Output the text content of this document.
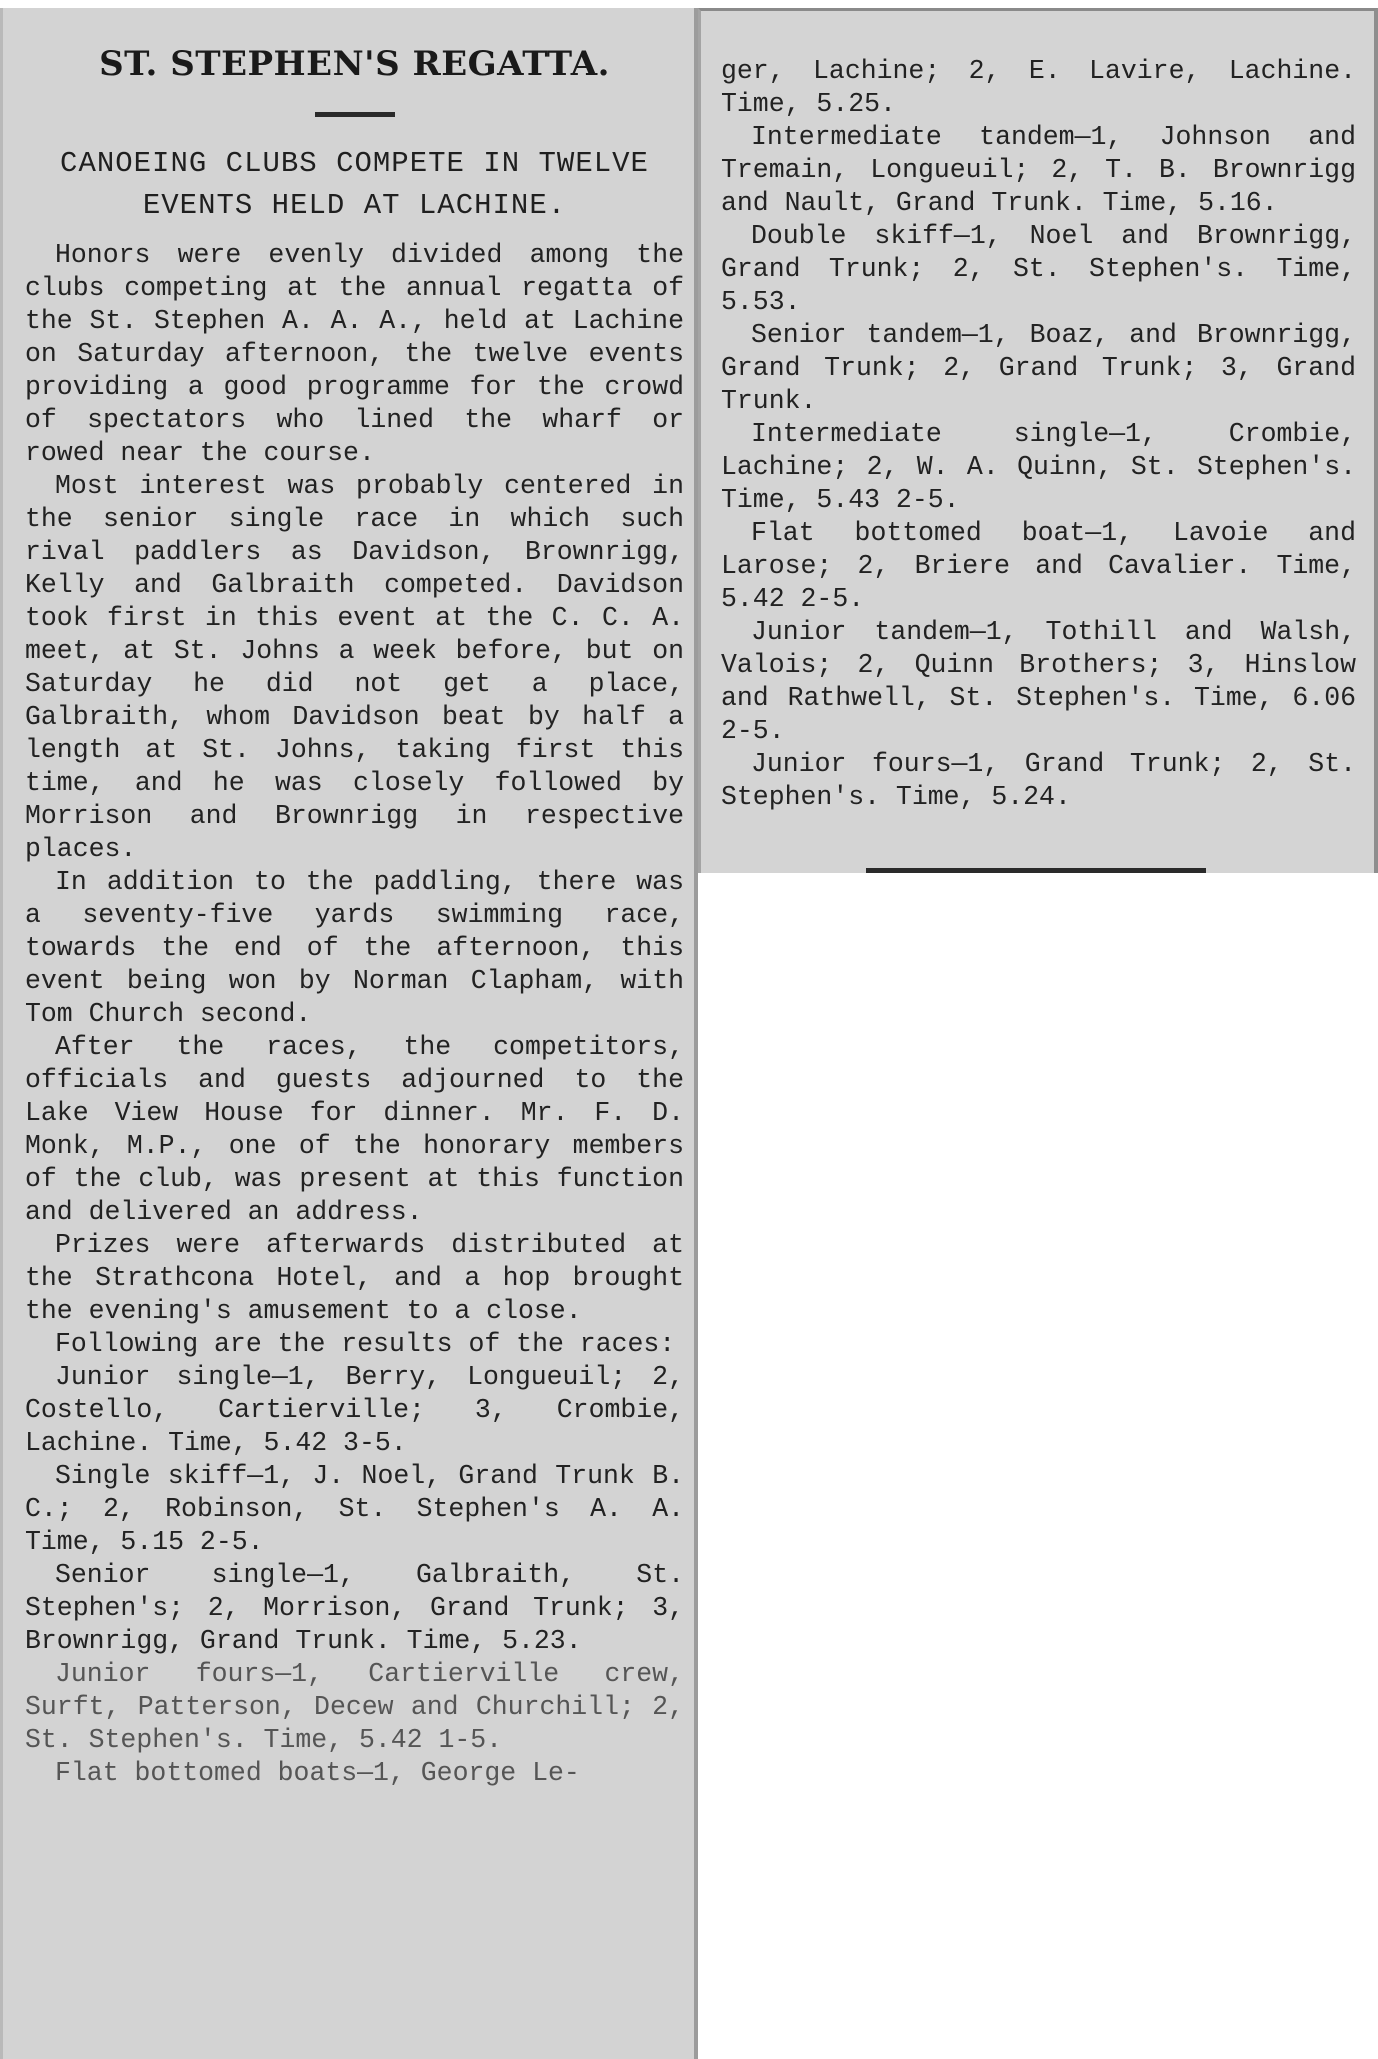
ST. STEPHEN'S REGATTA.
CANOEING CLUBS COMPETE IN TWELVE EVENTS HELD AT LACHINE.

Honors were evenly divided among the clubs competing at the annual regatta of the St. Stephen A. A. A., held at Lachine on Saturday afternoon, the twelve events providing a good programme for the crowd of spectators who lined the wharf or rowed near the course.

Most interest was probably centered in the senior single race in which such rival paddlers as Davidson, Brownrigg, Kelly and Galbraith competed. Davidson took first in this event at the C. C. A. meet, at St. Johns a week before, but on Saturday he did not get a place, Galbraith, whom Davidson beat by half a length at St. Johns, taking first this time, and he was closely followed by Morrison and Brownrigg in respective places.

In addition to the paddling, there was a seventy-five yards swimming race, towards the end of the afternoon, this event being won by Norman Clapham, with Tom Church second.

After the races, the competitors, officials and guests adjourned to the Lake View House for dinner. Mr. F. D. Monk, M.P., one of the honorary members of the club, was present at this function and delivered an address.

Prizes were afterwards distributed at the Strathcona Hotel, and a hop brought the evening's amusement to a close.

Following are the results of the races:

Junior single—1, Berry, Longueuil; 2, Costello, Cartierville; 3, Crombie, Lachine. Time, 5.42 3-5.

Single skiff—1, J. Noel, Grand Trunk B. C.; 2, Robinson, St. Stephen's A. A. Time, 5.15 2-5.

Senior single—1, Galbraith, St. Stephen's; 2, Morrison, Grand Trunk; 3, Brownrigg, Grand Trunk. Time, 5.23.

Junior fours—1, Cartierville crew, Surft, Patterson, Decew and Churchill; 2, St. Stephen's. Time, 5.42 1-5.

Flat bottomed boats—1, George Le-

ger, Lachine; 2, E. Lavire, Lachine. Time, 5.25.

Intermediate tandem—1, Johnson and Tremain, Longueuil; 2, T. B. Brownrigg and Nault, Grand Trunk. Time, 5.16.

Double skiff—1, Noel and Brownrigg, Grand Trunk; 2, St. Stephen's. Time, 5.53.

Senior tandem—1, Boaz, and Brownrigg, Grand Trunk; 2, Grand Trunk; 3, Grand Trunk.

Intermediate single—1, Crombie, Lachine; 2, W. A. Quinn, St. Stephen's. Time, 5.43 2-5.

Flat bottomed boat—1, Lavoie and Larose; 2, Briere and Cavalier. Time, 5.42 2-5.

Junior tandem—1, Tothill and Walsh, Valois; 2, Quinn Brothers; 3, Hinslow and Rathwell, St. Stephen's. Time, 6.06 2-5.

Junior fours—1, Grand Trunk; 2, St. Stephen's. Time, 5.24.
